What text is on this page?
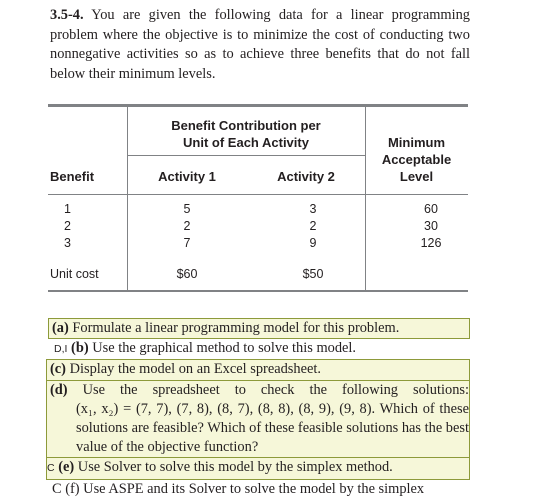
3.5-4. You are given the following data for a linear programming problem where the objective is to minimize the cost of conducting two nonnegative activities so as to achieve three benefits that do not fall below their minimum levels.
Benefit
Benefit Contribution per
Unit of Each Activity
Activity 1	Activity 2
Minimum
Acceptable
Level
1	5	3	60
2	2	2	30
3	7	9	126
Unit cost	$60	$50
(a) Formulate a linear programming model for this problem.
D,I (b) Use the graphical method to solve this model.
(c) Display the model on an Excel spreadsheet.
(d) Use the spreadsheet to check the following solutions:
(x₁, x₂) = (7, 7), (7, 8), (8, 7), (8, 8), (8, 9), (9, 8). Which of these solutions are feasible? Which of these feasible solutions has the best value of the objective function?
C (e) Use Solver to solve this model by the simplex method.
C (f) Use ASPE and its Solver to solve the model by the simplex
